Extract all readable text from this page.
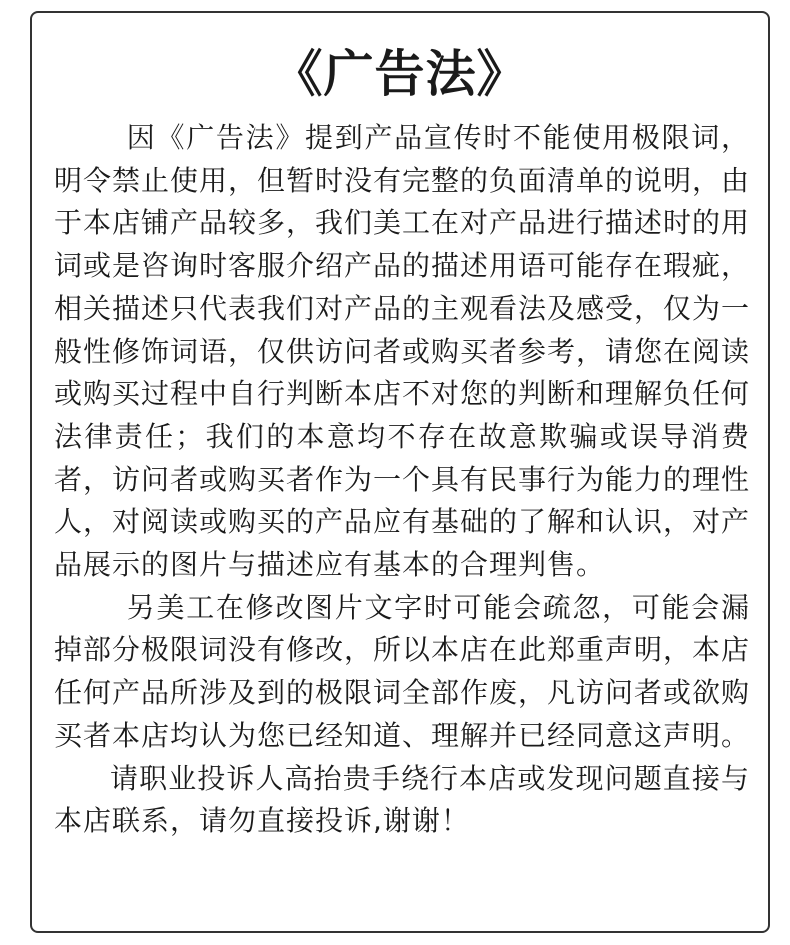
《广告法》

因《广告法》提到产品宣传时不能使用极限词，明令禁止使用，但暂时没有完整的负面清单的说明，由于本店铺产品较多，我们美工在对产品进行描述时的用词或是咨询时客服介绍产品的描述用语可能存在瑕疵，相关描述只代表我们对产品的主观看法及感受，仅为一般性修饰词语，仅供访问者或购买者参考，请您在阅读或购买过程中自行判断本店不对您的判断和理解负任何法律责任；我们的本意均不存在故意欺骗或误导消费者，访问者或购买者作为一个具有民事行为能力的理性人，对阅读或购买的产品应有基础的了解和认识，对产品展示的图片与描述应有基本的合理判售。

另美工在修改图片文字时可能会疏忽，可能会漏掉部分极限词没有修改，所以本店在此郑重声明，本店任何产品所涉及到的极限词全部作废，凡访问者或欲购买者本店均认为您已经知道、理解并已经同意这声明。

请职业投诉人高抬贵手绕行本店或发现问题直接与本店联系，请勿直接投诉,谢谢！
